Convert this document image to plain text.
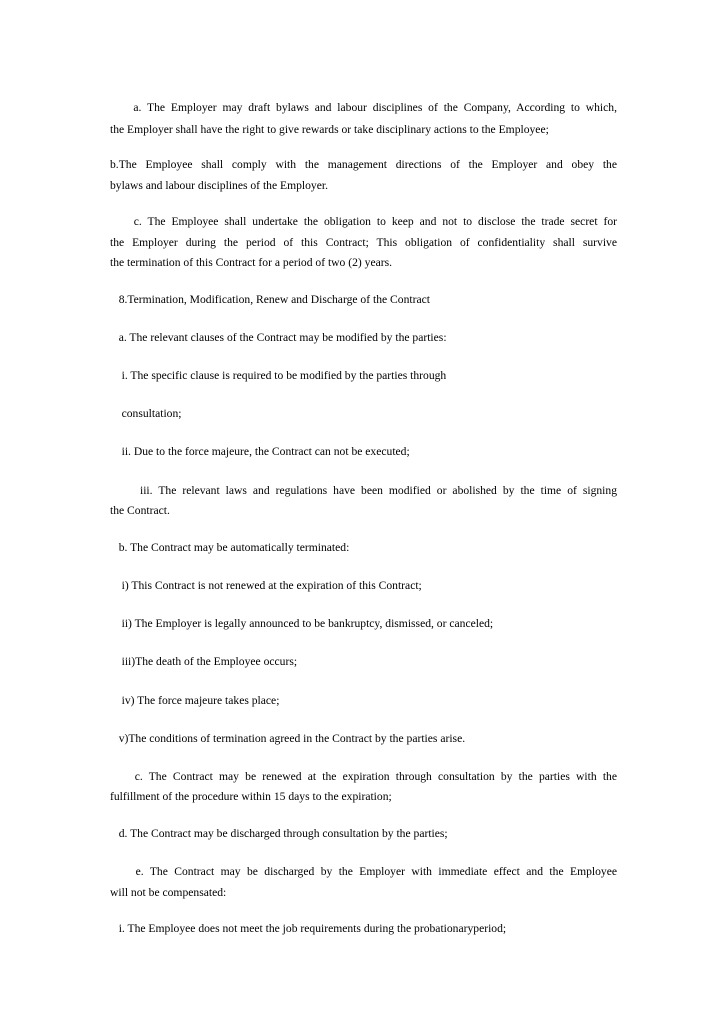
a. The Employer may draft bylaws and labour disciplines of the Company, According to which,
the Employer shall have the right to give rewards or take disciplinary actions to the Employee;
b.The Employee shall comply with the management directions of the Employer and obey the
bylaws and labour disciplines of the Employer.
c. The Employee shall undertake the obligation to keep and not to disclose the trade secret for
the Employer during the period of this Contract; This obligation of confidentiality shall survive
the termination of this Contract for a period of two (2) years.
8.Termination, Modification, Renew and Discharge of the Contract
a. The relevant clauses of the Contract may be modified by the parties:
i. The specific clause is required to be modified by the parties through
consultation;
ii. Due to the force majeure, the Contract can not be executed;
iii. The relevant laws and regulations have been modified or abolished by the time of signing
the Contract.
b. The Contract may be automatically terminated:
i) This Contract is not renewed at the expiration of this Contract;
ii) The Employer is legally announced to be bankruptcy, dismissed, or canceled;
iii)The death of the Employee occurs;
iv) The force majeure takes place;
v)The conditions of termination agreed in the Contract by the parties arise.
c. The Contract may be renewed at the expiration through consultation by the parties with the
fulfillment of the procedure within 15 days to the expiration;
d. The Contract may be discharged through consultation by the parties;
e. The Contract may be discharged by the Employer with immediate effect and the Employee
will not be compensated:
i. The Employee does not meet the job requirements during the probationaryperiod;
